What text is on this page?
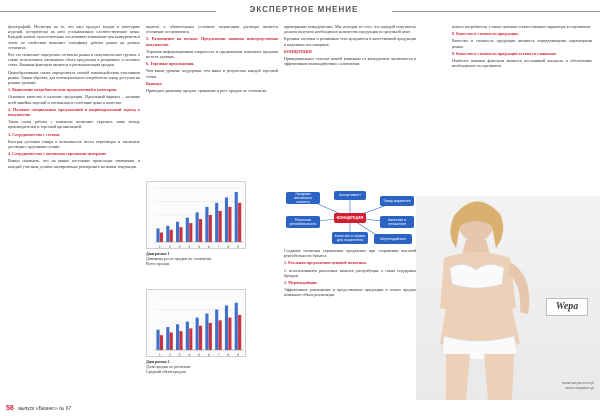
ЭКСПЕРТНОЕ МНЕНИЕ

фотографий). Несмотря на то, что наш продукт входит в категорию изделий, исторически на него устанавливали соответствующие цены. Каждый клиент самостоятельно отслеживает изменение цен конкурентов и затем по свойствам выясняет специфику работы рынка на разных сегментах.

Все это позволяет определять сегменты рынка и покупательские группы, а также использовать механизмы сбыта продукции в розничных и оптовых сетях. Важным фактором является и регионализация продаж.

Ценообразование также определяется схемой взаимодействия участников рынка. Таким образом, для потенциального потребителя товар доступен на разных уровнях.

1. Выявление потребительских предпочтений в категории.

Основное качество и наличие продукции. Идеальный вариант – наличие всей линейки изделий и оптимальное сочетание цены и качества.

2. Наличие специальных предложений и индивидуальный подход к покупателю.

Такая схема работы с клиентом позволяет укрепить связь между производителем и торговой организацией.

3. Сотрудничество с сетями.

Быстрая доставка товара и возможность вести переговоры и заключать договоры с крупными сетями.

4. Сотрудничество с оптовыми торговыми центрами.

Важно понимать, что на рынке постоянно происходят изменения, и каждый участник должен своевременно реагировать на новые тенденции.

шкатов, а обязательным условием подписания договора является уточнение ассортимента.

5. Размещение на полках: Предложение новинок непосредственно покупателю.

Хорошая информационная открытость и продвижение повышает продажи на всех уровнях.

6. Торговые предложения.

Чем выше уровень поддержки, тем выше и результаты каждой торговой точки.

Выводы:

Приводим динамику продаж, сравнение и рост продаж по сегментам.

1 2 3 4 5 6 7 8 9
Диаграмма 1
Динамика роста продаж по сегментам
Всего продаж
1 2 3 4 5 6 7 8 9
Диаграмма 2
Доля продаж по регионам
Средний объем продаж

примерными конкурентами. Мы исходим из того, что каждый покупатель должен получить необходимое количество продукции по разумной цене.

Крупные оптовые и розничные сети нуждаются в качественной продукции и надежных поставщиках.

КОНЦЕПЦИЯ

Принципиальное отличие нашей компании от конкурентов заключается в эффективном взаимодействии с клиентами.

Продажи желаемого клиента
Ассортимент
Товар-маркетинг
Реальная рентабельность
КОНЦЕПЦИЯ	Качество и отношение
Качество и сервис для покупателя	Мерчендайзинг

Создание политики управления продажами при сохранении высокой рентабельности бизнеса.

1. Реальная предложение ценовой политики.

С использованием различных каналов дистрибуции, а также поддержка брендов.

2. Мерчендайзинг.

Эффективное размещение и представление продукции в точках продаж повышает объем реализации.

нового потребителя, а также ценовые и качественные параметры ассортимента.

8. Качество и стоимость продукции.

Качество и стоимость продукции являются определяющими параметрами рынка.

9. Качество и стоимость продукции остаются главными.

Наиболее важным фактором является постоянный контроль и обеспечение необходимого ассортимента.

Wepa
www.wepa.com.pl
www.wepatex.pl
58 выпуск «Бизнес» № 67
